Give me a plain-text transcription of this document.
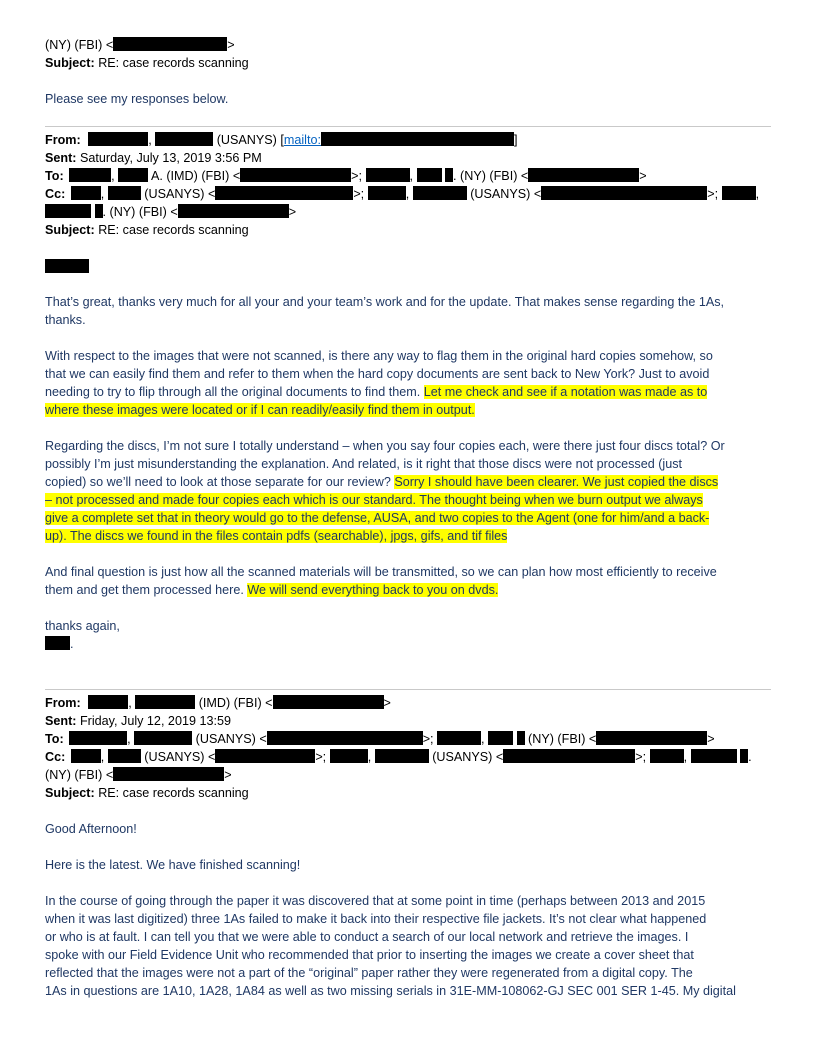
(NY) (FBI) <	>
Subject: RE: case records scanning
Please see my responses below.
From:	,	(USANYS) [mailto:	]
Sent: Saturday, July 13, 2019 3:56 PM
To:	,	A. (IMD) (FBI) <	>;	,	. (NY) (FBI) <	>
Cc:	,	(USANYS) <	>;	,	(USANYS) <	>;	,
. (NY) (FBI) <	>
Subject: RE: case records scanning
That’s great, thanks very much for all your and your team’s work and for the update. That makes sense regarding the 1As,
thanks.
With respect to the images that were not scanned, is there any way to flag them in the original hard copies somehow, so
that we can easily find them and refer to them when the hard copy documents are sent back to New York? Just to avoid
needing to try to flip through all the original documents to find them. Let me check and see if a notation was made as to
where these images were located or if I can readily/easily find them in output.
Regarding the discs, I’m not sure I totally understand – when you say four copies each, were there just four discs total? Or
possibly I’m just misunderstanding the explanation. And related, is it right that those discs were not processed (just
copied) so we’ll need to look at those separate for our review? Sorry I should have been clearer. We just copied the discs
– not processed and made four copies each which is our standard. The thought being when we burn output we always
give a complete set that in theory would go to the defense, AUSA, and two copies to the Agent (one for him/and a back-
up). The discs we found in the files contain pdfs (searchable), jpgs, gifs, and tif files
And final question is just how all the scanned materials will be transmitted, so we can plan how most efficiently to receive
them and get them processed here. We will send everything back to you on dvds.
thanks again,
.
From:	,	(IMD) (FBI) <	>
Sent: Friday, July 12, 2019 13:59
To:	,	(USANYS) <	>;	,	(NY) (FBI) <	>
Cc:	,	(USANYS) <	>;	,	(USANYS) <	>;	,	.
(NY) (FBI) <	>
Subject: RE: case records scanning
Good Afternoon!
Here is the latest. We have finished scanning!
In the course of going through the paper it was discovered that at some point in time (perhaps between 2013 and 2015
when it was last digitized) three 1As failed to make it back into their respective file jackets. It’s not clear what happened
or who is at fault. I can tell you that we were able to conduct a search of our local network and retrieve the images. I
spoke with our Field Evidence Unit who recommended that prior to inserting the images we create a cover sheet that
reflected that the images were not a part of the “original” paper rather they were regenerated from a digital copy. The
1As in questions are 1A10, 1A28, 1A84 as well as two missing serials in 31E-MM-108062-GJ SEC 001 SER 1-45. My digital
